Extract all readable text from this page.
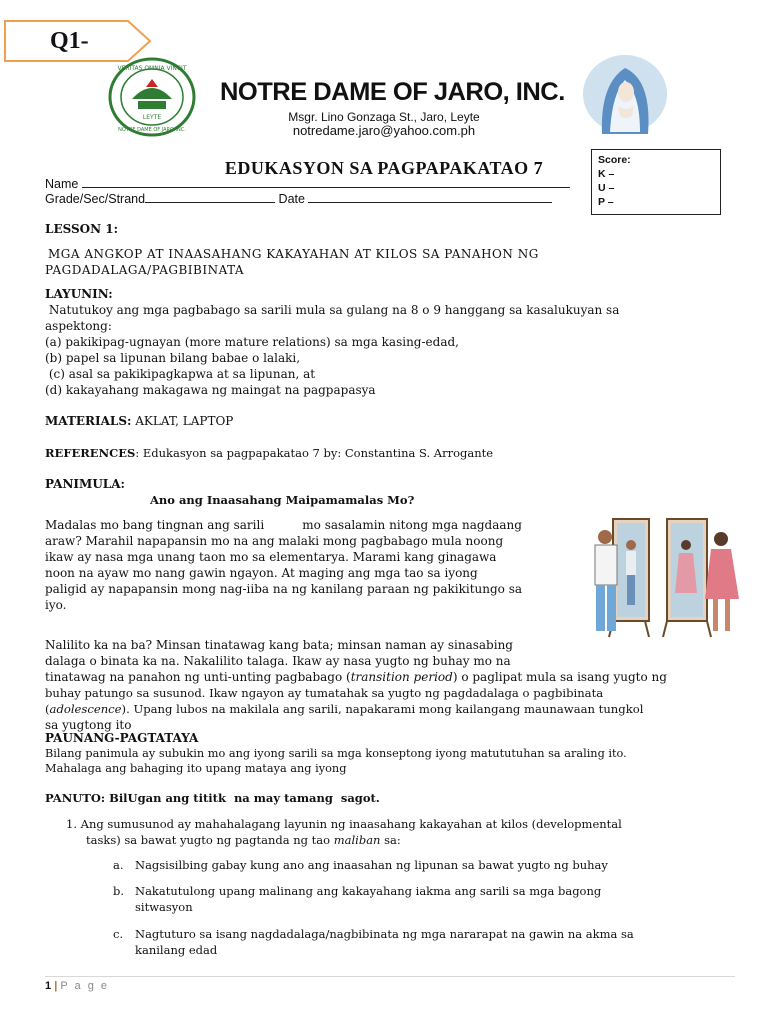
Q1-
VERITAS OMNIA VINCIT
NOTRE DAME OF JARO INC.
LEYTE
NOTRE DAME OF JARO, INC.
Msgr. Lino Gonzaga St., Jaro, Leyte
notredame.jaro@yahoo.com.ph
EDUKASYON SA PAGPAPAKATAO 7	Score:
K –
U –
P –
Name
Grade/Sec/Strand	Date
LESSON 1:
MGA ANGKOP AT INAASAHANG KAKAYAHAN AT KILOS SA PANAHON NG
PAGDADALAGA/PAGBIBINATA
LAYUNIN:
Natutukoy ang mga pagbabago sa sarili mula sa gulang na 8 o 9 hanggang sa kasalukuyan sa
aspektong:
(a) pakikipag-ugnayan (more mature relations) sa mga kasing-edad,
(b) papel sa lipunan bilang babae o lalaki,
(c) asal sa pakikipagkapwa at sa lipunan, at
(d) kakayahang makagawa ng maingat na pagpapasya
MATERIALS: AKLAT, LAPTOP
REFERENCES: Edukasyon sa pagpapakatao 7 by: Constantina S. Arrogante
PANIMULA:
Ano ang Inaasahang Maipamamalas Mo?
Madalas mo bang tingnan ang sarili          mo sasalamin nitong mga nagdaang
araw? Marahil napapansin mo na ang malaki mong pagbabago mula noong
ikaw ay nasa mga unang taon mo sa elementarya. Marami kang ginagawa
noon na ayaw mo nang gawin ngayon. At maging ang mga tao sa iyong
paligid ay napapansin mong nag-iiba na ng kanilang paraan ng pakikitungo sa
iyo.
Nalilito ka na ba? Minsan tinatawag kang bata; minsan naman ay sinasabing
dalaga o binata ka na. Nakalilito talaga. Ikaw ay nasa yugto ng buhay mo na
tinatawag na panahon ng unti-unting pagbabago (transition period) o paglipat mula sa isang yugto ng
buhay patungo sa susunod. Ikaw ngayon ay tumatahak sa yugto ng pagdadalaga o pagbibinata
(adolescence). Upang lubos na makilala ang sarili, napakarami mong kailangang maunawaan tungkol
sa yugtong ito
PAUNANG-PAGTATAYA
Bilang panimula ay subukin mo ang iyong sarili sa mga konseptong iyong matututuhan sa araling ito.
Mahalaga ang bahaging ito upang mataya ang iyong
PANUTO: BilUgan ang tititk  na may tamang  sagot.
1. Ang sumusunod ay mahahalagang layunin ng inaasahang kakayahan at kilos (developmental
tasks) sa bawat yugto ng pagtanda ng tao maliban sa:
a. Nagsisilbing gabay kung ano ang inaasahan ng lipunan sa bawat yugto ng buhay
b. Nakatutulong upang malinang ang kakayahang iakma ang sarili sa mga bagong
sitwasyon
c. Nagtuturo sa isang nagdadalaga/nagbibinata ng mga nararapat na gawin na akma sa
kanilang edad
1 | P a g e
